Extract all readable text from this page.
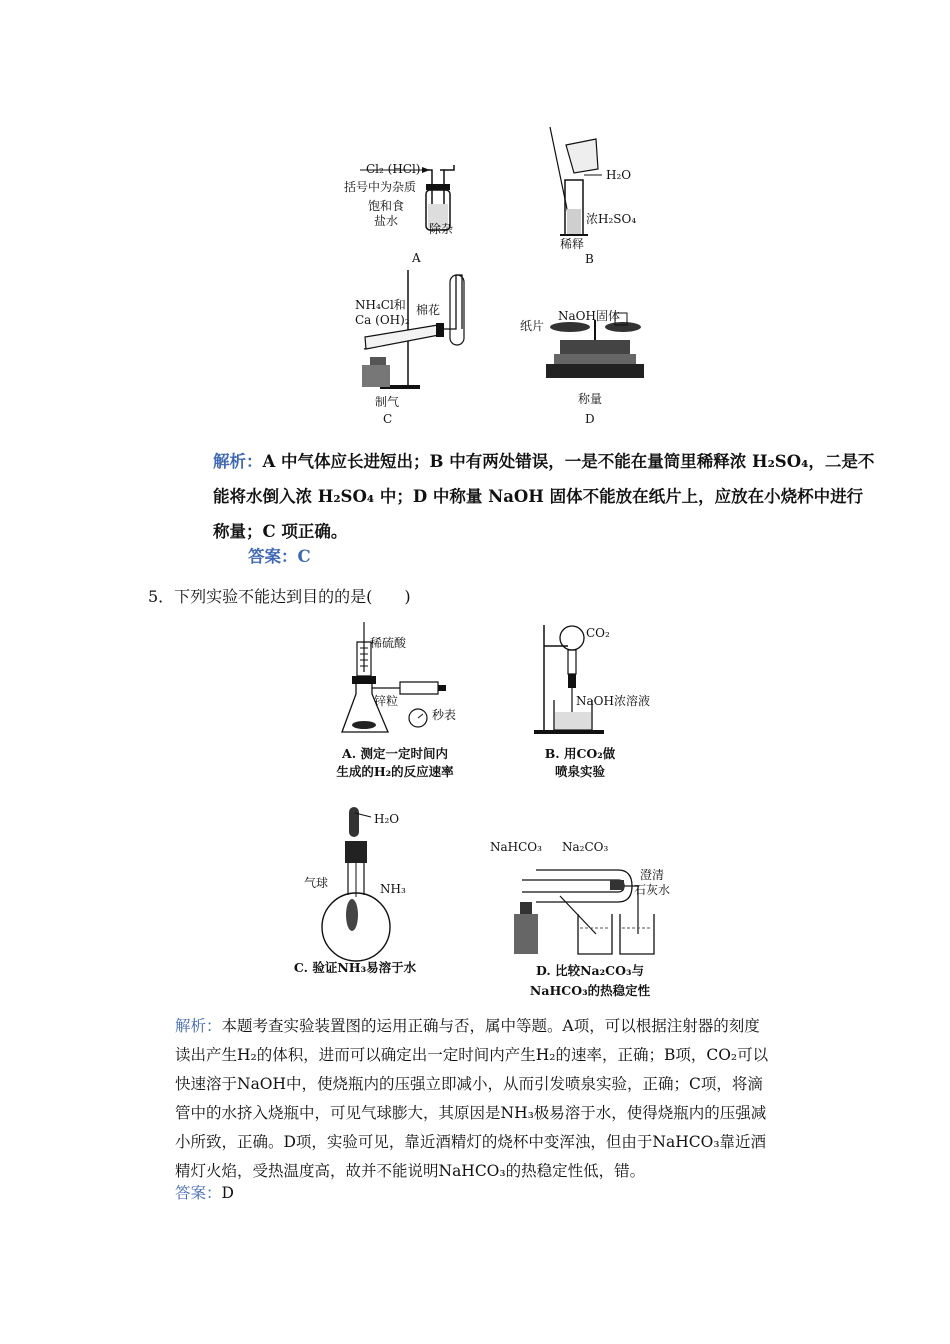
Cl₂ (HCl)
括号中为杂质
饱和食
盐水
除杂
A
H₂O
浓H₂SO₄
稀释
B
NH₄Cl和
Ca (OH)₂
棉花
制气
C
NaOH固体
纸片
称量
D
解析：A 中气体应长进短出；B 中有两处错误，一是不能在量筒里稀释浓 H₂SO₄，二是不能将水倒入浓 H₂SO₄ 中；D 中称量 NaOH 固体不能放在纸片上，应放在小烧杯中进行称量；C 项正确。
答案：C
5．下列实验不能达到目的的是(　　)
稀硫酸
锌粒
秒表
A. 测定一定时间内
生成的H₂的反应速率
CO₂
NaOH浓溶液
B. 用CO₂做
喷泉实验
H₂O
气球	NH₃
C. 验证NH₃易溶于水
NaHCO₃ Na₂CO₃
澄清
石灰水
D. 比较Na₂CO₃与
NaHCO₃的热稳定性
解析：本题考查实验装置图的运用正确与否，属中等题。A项，可以根据注射器的刻度读出产生H₂的体积，进而可以确定出一定时间内产生H₂的速率，正确；B项，CO₂可以快速溶于NaOH中，使烧瓶内的压强立即减小，从而引发喷泉实验，正确；C项，将滴管中的水挤入烧瓶中，可见气球膨大，其原因是NH₃极易溶于水，使得烧瓶内的压强减小所致，正确。D项，实验可见，靠近酒精灯的烧杯中变浑浊，但由于NaHCO₃靠近酒精灯火焰，受热温度高，故并不能说明NaHCO₃的热稳定性低，错。
答案：D
